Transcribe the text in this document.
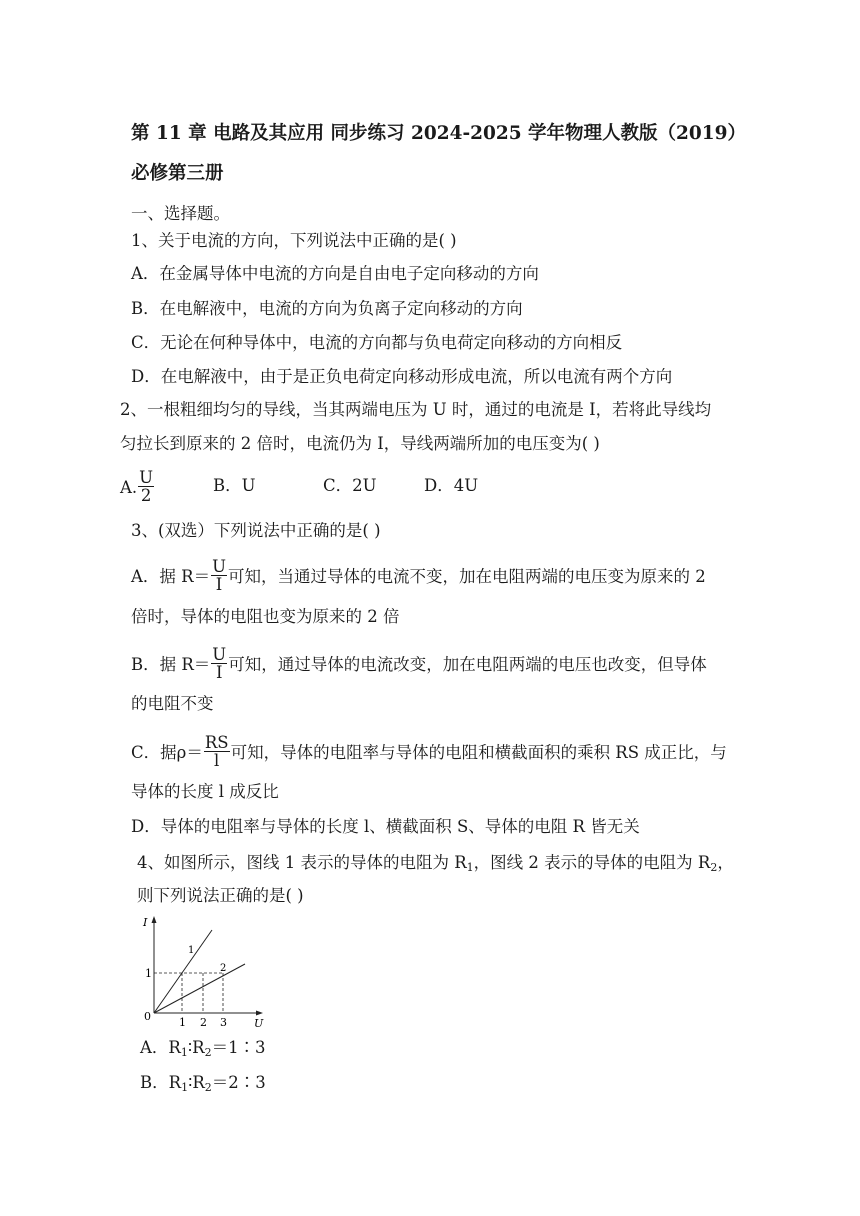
第 11 章 电路及其应用 同步练习 2024-2025 学年物理人教版（2019）
必修第三册
一、选择题。
1、关于电流的方向，下列说法中正确的是( )
A．在金属导体中电流的方向是自由电子定向移动的方向
B．在电解液中，电流的方向为负离子定向移动的方向
C．无论在何种导体中，电流的方向都与负电荷定向移动的方向相反
D．在电解液中，由于是正负电荷定向移动形成电流，所以电流有两个方向
2、一根粗细均匀的导线，当其两端电压为 U 时，通过的电流是 I，若将此导线均
匀拉长到原来的 2 倍时，电流仍为 I，导线两端所加的电压变为( )
A. $\frac{U}{2}$	B．U	C．2U	D．4U
3、(双选）下列说法中正确的是( )
A．据 $R= \frac{U}{I}$ 可知，当通过导体的电流不变，加在电阻两端的电压变为原来的 2
倍时，导体的电阻也变为原来的 2 倍
B．据 $R= \frac{U}{I}$ 可知，通过导体的电流改变，加在电阻两端的电压也改变，但导体
的电阻不变
C．据$\rho= \frac{RS}{l}$ 可知，导体的电阻率与导体的电阻和横截面积的乘积 RS 成正比，与
导体的长度 l 成反比
D．导体的电阻率与导体的长度 l、横截面积 S、导体的电阻 R 皆无关
4、如图所示，图线 1 表示的导体的电阻为 $R_1$，图线 2 表示的导体的电阻为 $R_2$，
则下列说法正确的是( )
I
U
0
1
1 2 3
1
2
A．$R_1∶R_2=1∶3$
B．$R_1∶R_2=2∶3$
